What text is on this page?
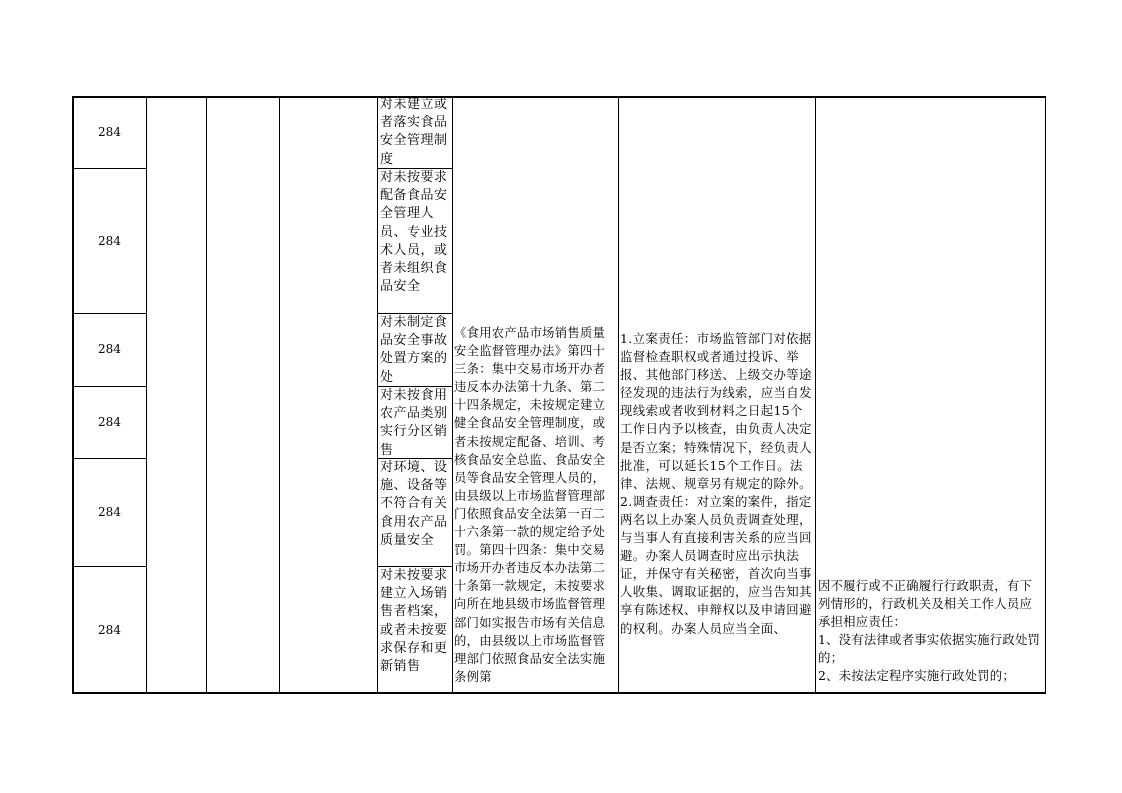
284
284
284
284
284
284
对未建立或者落实食品安全管理制度
对未按要求配备食品安全管理人员、专业技术人员，或者未组织食品安全
对未制定食品安全事故处置方案的处
对未按食用农产品类别实行分区销售
对环境、设施、设备等不符合有关食用农产品质量安全
对未按要求建立入场销售者档案，或者未按要求保存和更新销售
《食用农产品市场销售质量安全监督管理办法》第四十三条：集中交易市场开办者违反本办法第十九条、第二十四条规定，未按规定建立健全食品安全管理制度，或者未按规定配备、培训、考核食品安全总监、食品安全员等食品安全管理人员的，由县级以上市场监督管理部门依照食品安全法第一百二十六条第一款的规定给予处罚。第四十四条：集中交易市场开办者违反本办法第二十条第一款规定，未按要求向所在地县级市场监督管理部门如实报告市场有关信息的，由县级以上市场监督管理部门依照食品安全法实施条例第
1.立案责任：市场监管部门对依据监督检查职权或者通过投诉、举报、其他部门移送、上级交办等途径发现的违法行为线索，应当自发现线索或者收到材料之日起15个工作日内予以核查，由负责人决定是否立案；特殊情况下，经负责人批准，可以延长15个工作日。法律、法规、规章另有规定的除外。
2.调查责任：对立案的案件，指定两名以上办案人员负责调查处理，与当事人有直接利害关系的应当回避。办案人员调查时应出示执法证，并保守有关秘密，首次向当事人收集、调取证据的，应当告知其享有陈述权、申辩权以及申请回避的权利。办案人员应当全面、
因不履行或不正确履行行政职责，有下列情形的，行政机关及相关工作人员应承担相应责任：
1、没有法律或者事实依据实施行政处罚的；
2、未按法定程序实施行政处罚的；
